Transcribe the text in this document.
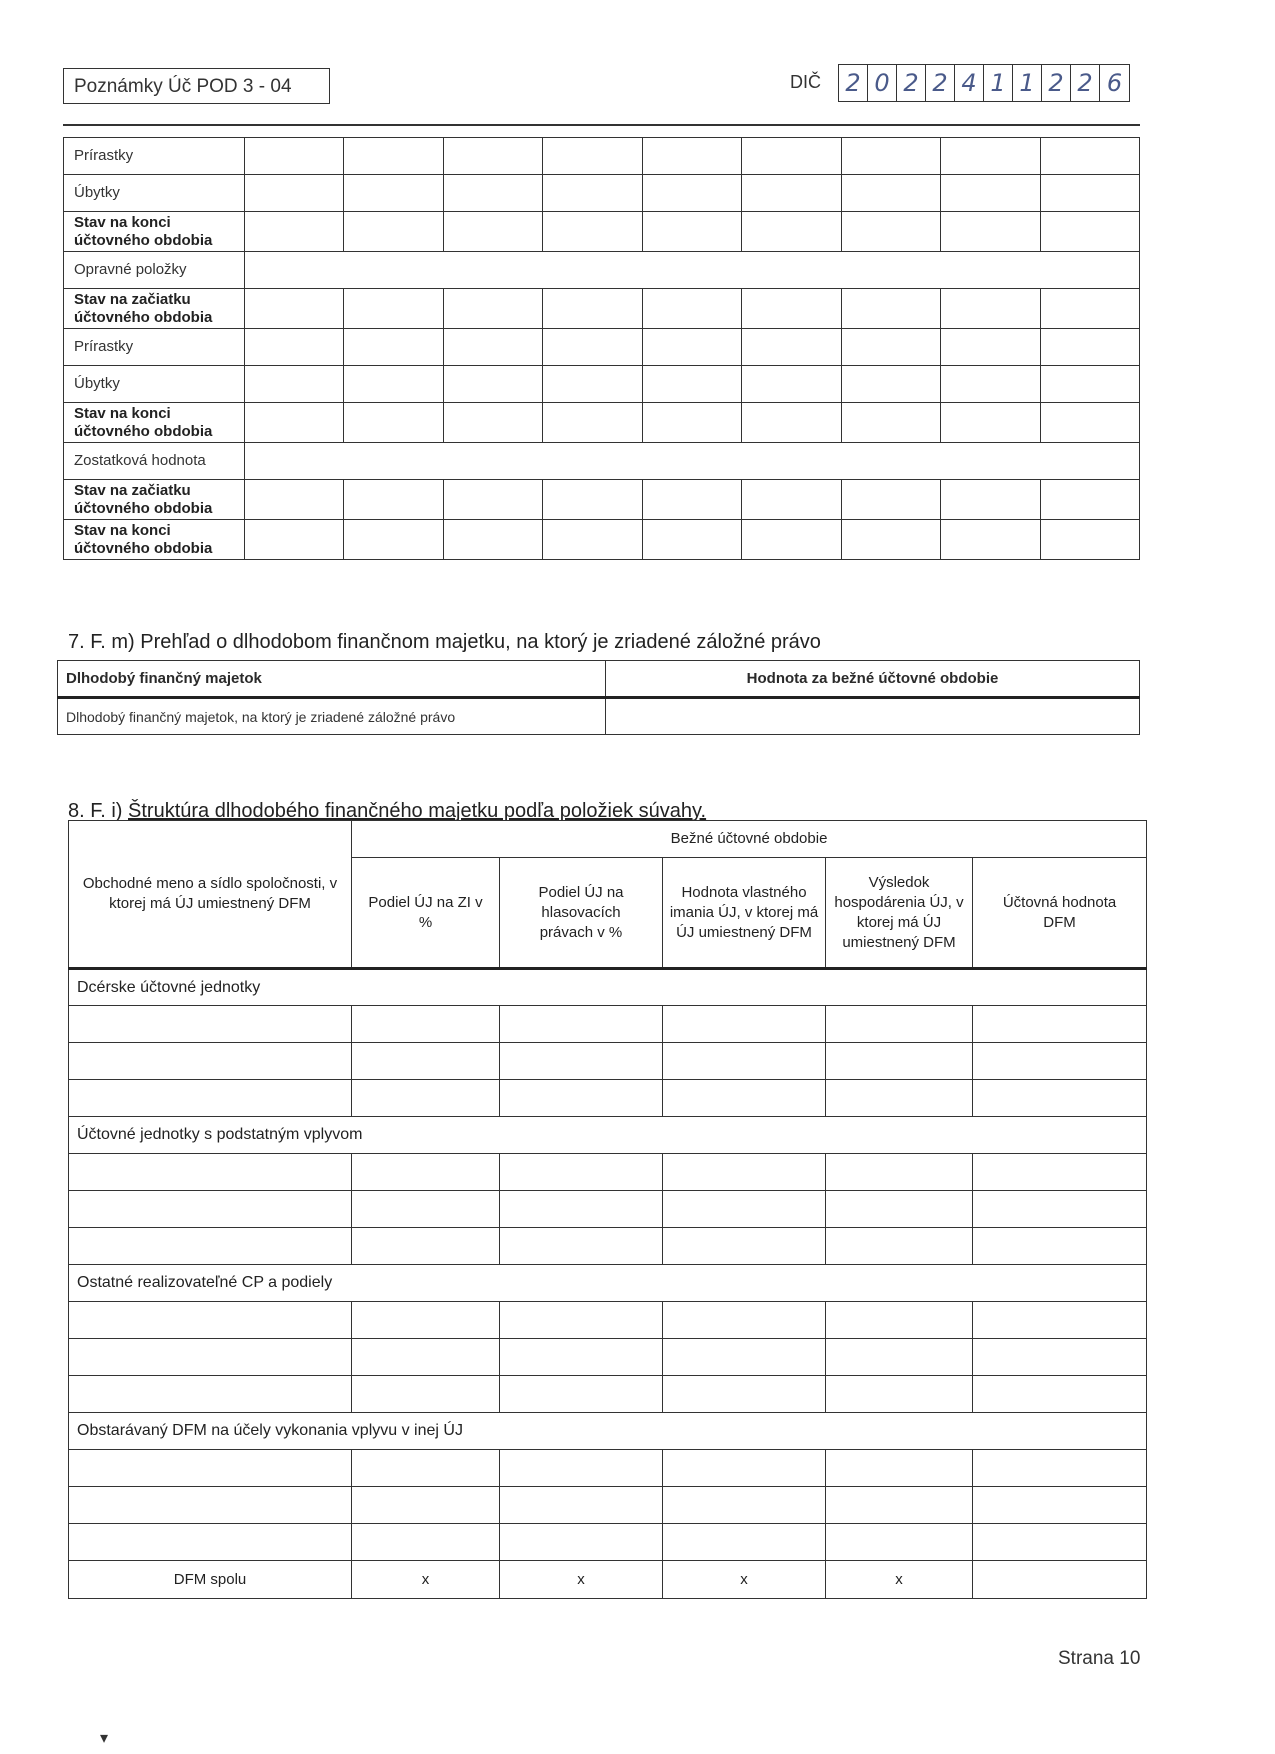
Poznámky Úč POD 3 - 04	DIČ 2 0 2 2 4 1 1 2 2 6
Prírastky									
Úbytky									
Stav na konci účtovného obdobia									
Opravné položky									
Stav na začiatku účtovného obdobia									
Prírastky									
Úbytky									
Stav na konci účtovného obdobia									
Zostatková hodnota									
Stav na začiatku účtovného obdobia									
Stav na konci účtovného obdobia									
7. F. m) Prehľad o dlhodobom finančnom majetku, na ktorý je zriadené záložné právo
Dlhodobý finančný majetok	Hodnota za bežné účtovné obdobie
Dlhodobý finančný majetok, na ktorý je zriadené záložné právo	
8. F. i) Štruktúra dlhodobého finančného majetku podľa položiek súvahy.
Obchodné meno a sídlo spoločnosti, v ktorej má ÚJ umiestnený DFM	Bežné účtovné obdobie				
	Podiel ÚJ na ZI v %	Podiel ÚJ na hlasovacích právach v %	Hodnota vlastného imania ÚJ, v ktorej má ÚJ umiestnený DFM	Výsledok hospodárenia ÚJ, v ktorej má ÚJ umiestnený DFM	Účtovná hodnota DFM
Dcérske účtovné jednotky					

Účtovné jednotky s podstatným vplyvom					

Ostatné realizovateľné CP a podiely					

Obstarávaný DFM na účely vykonania vplyvu v inej ÚJ					

DFM spolu	x	x	x	x	
Strana 10
▾
